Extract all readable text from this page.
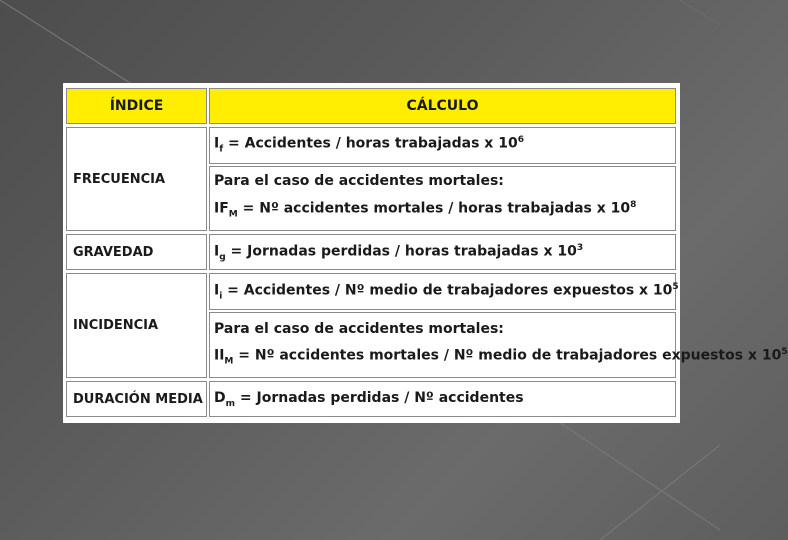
ÍNDICE	CÁLCULO
FRECUENCIA
$I_f$ = Accidentes / horas trabajadas x $10^6$
Para el caso de accidentes mortales:
$IF_M$ = Nº accidentes mortales / horas trabajadas x $10^8$
GRAVEDAD	$I_g$ = Jornadas perdidas / horas trabajadas x $10^3$
INCIDENCIA
$I_i$ = Accidentes / Nº medio de trabajadores expuestos x $10^5$
Para el caso de accidentes mortales:
$II_M$ = Nº accidentes mortales / Nº medio de trabajadores expuestos x $10^5$
DURACIÓN MEDIA $D_m$ = Jornadas perdidas / Nº accidentes
